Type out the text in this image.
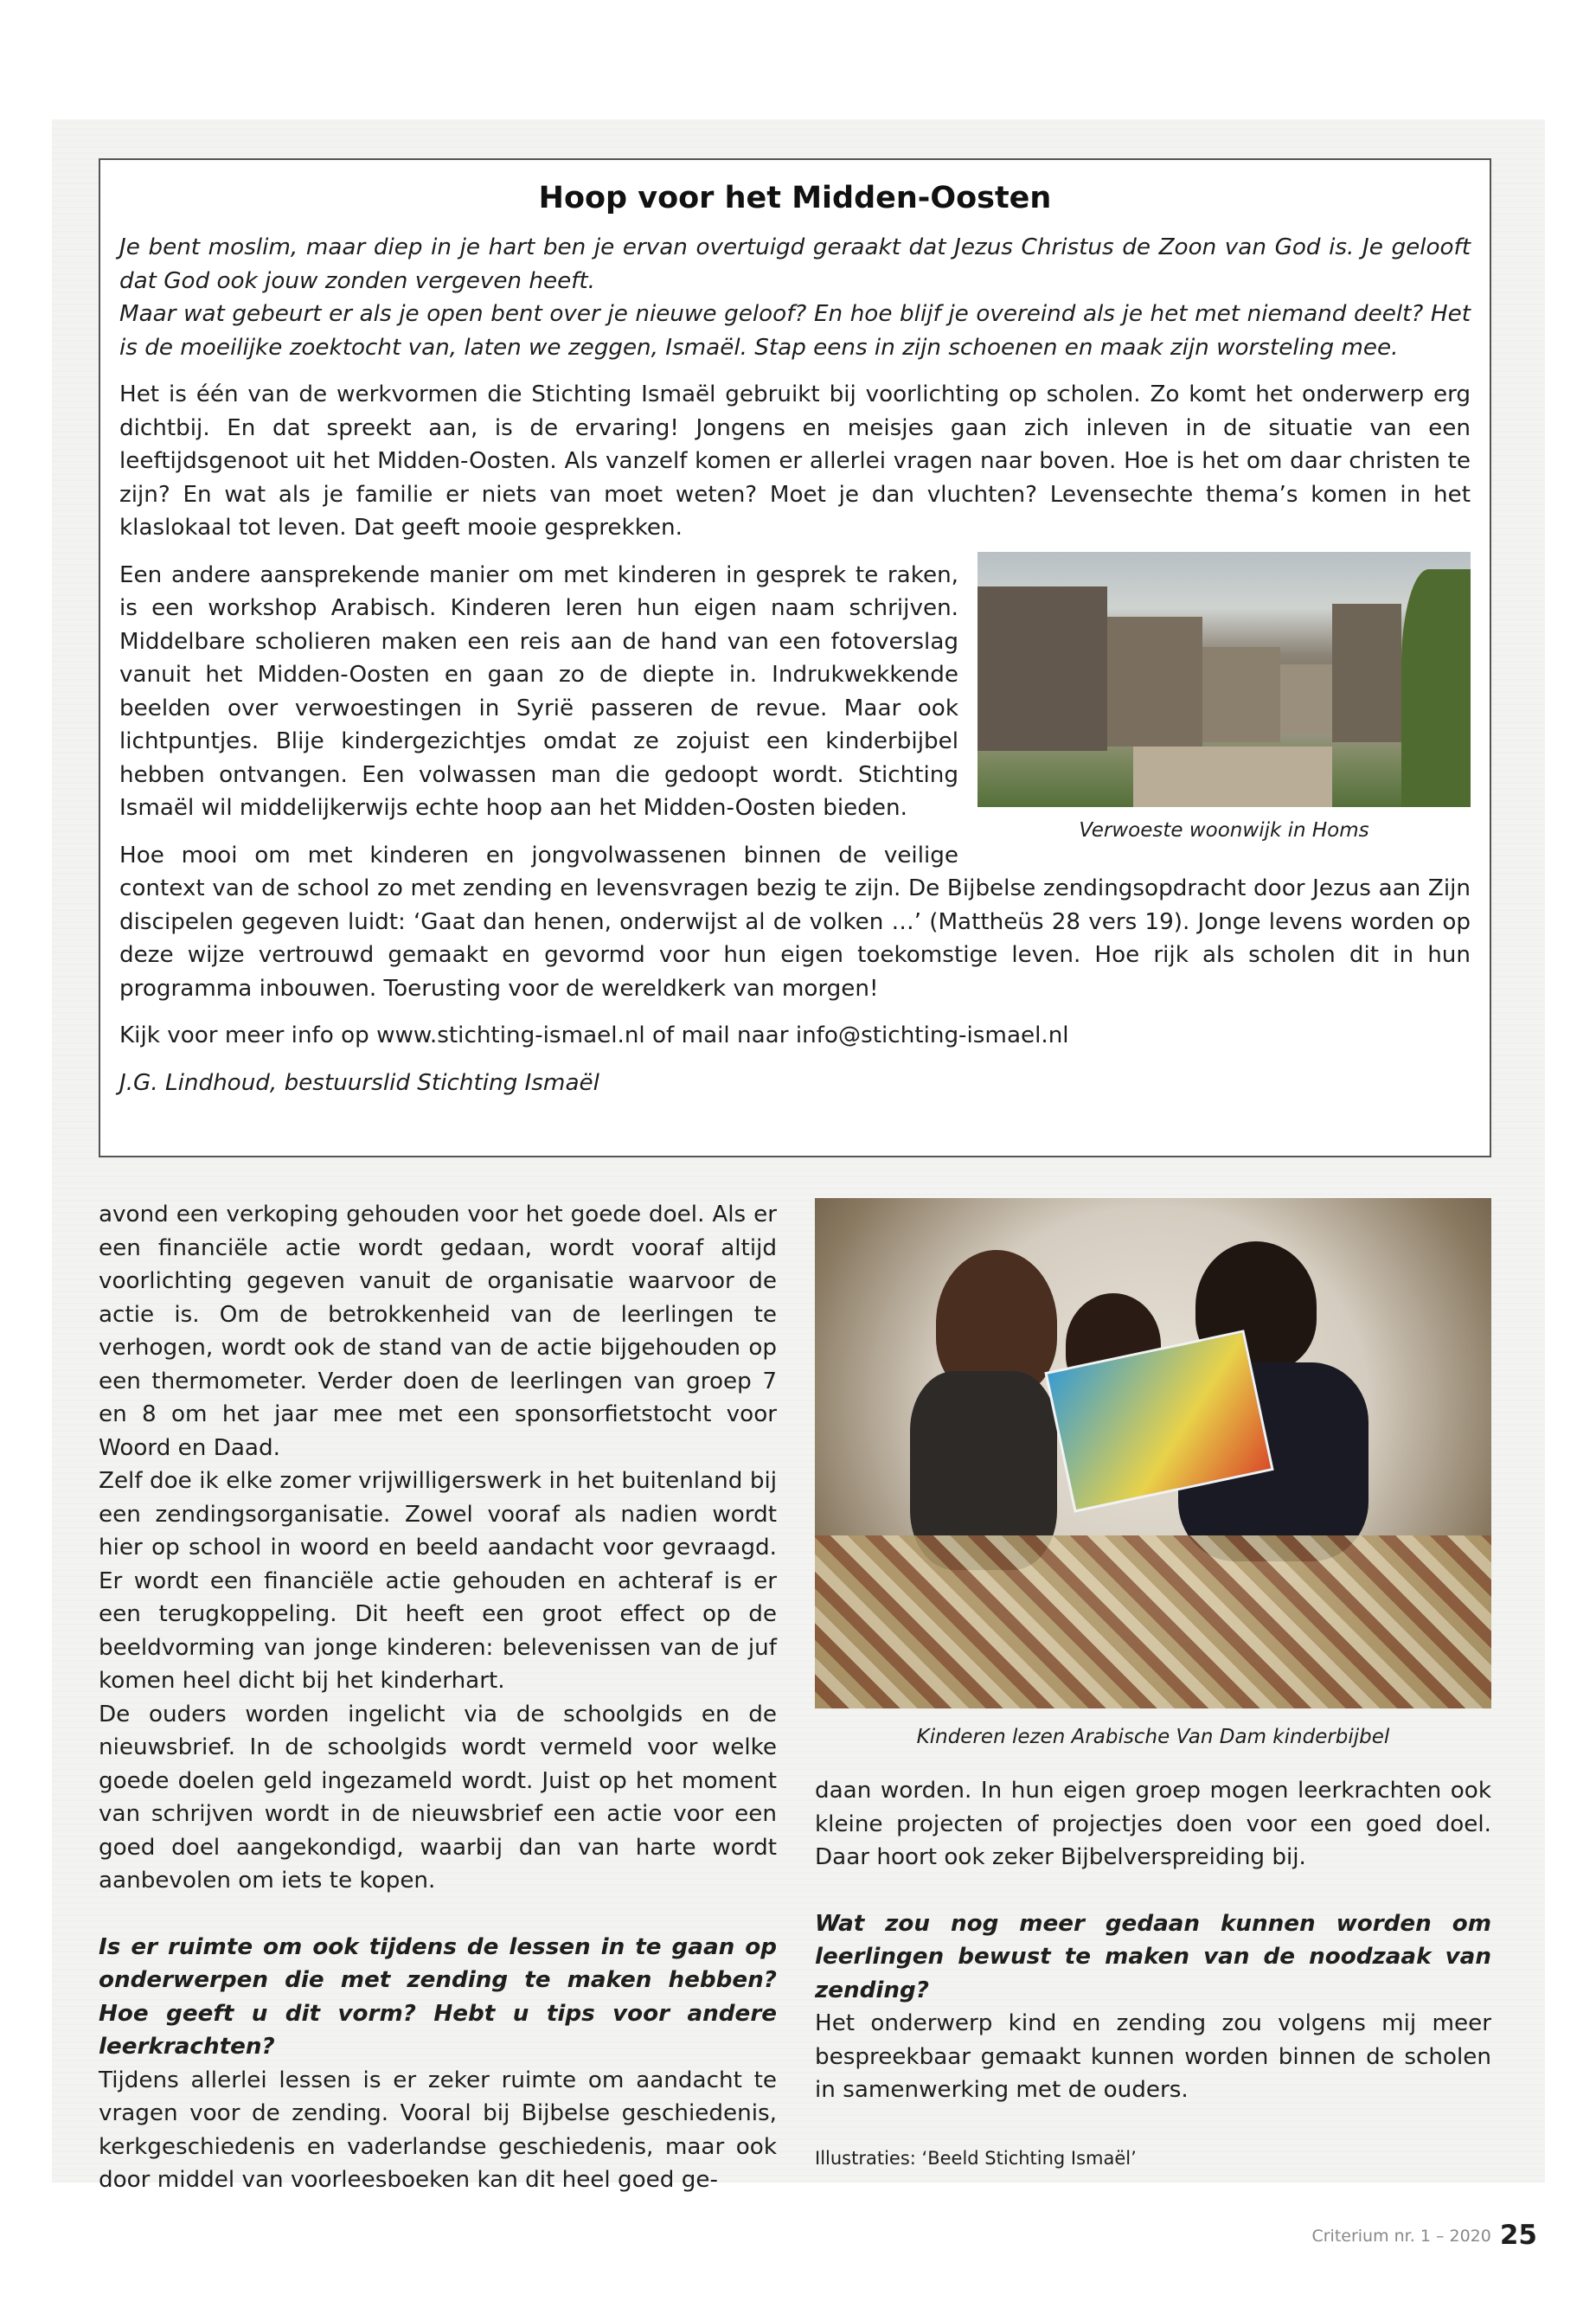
Hoop voor het Midden-Oosten

Je bent moslim, maar diep in je hart ben je ervan overtuigd geraakt dat Jezus Christus de Zoon van God is. Je gelooft dat God ook jouw zonden vergeven heeft.

Maar wat gebeurt er als je open bent over je nieuwe geloof? En hoe blijf je overeind als je het met niemand deelt? Het is de moeilijke zoektocht van, laten we zeggen, Ismaël. Stap eens in zijn schoenen en maak zijn worsteling mee.

Het is één van de werkvormen die Stichting Ismaël gebruikt bij voorlichting op scholen. Zo komt het onderwerp erg dichtbij. En dat spreekt aan, is de ervaring! Jongens en meisjes gaan zich inleven in de situatie van een leeftijdsgenoot uit het Midden-Oosten. Als vanzelf komen er allerlei vragen naar boven. Hoe is het om daar christen te zijn? En wat als je familie er niets van moet weten? Moet je dan vluchten? Levensechte thema’s komen in het klaslokaal tot leven. Dat geeft mooie gesprekken.

Verwoeste woonwijk in Homs

Een andere aansprekende manier om met kinderen in gesprek te raken, is een workshop Arabisch. Kinderen leren hun eigen naam schrijven. Middelbare scholieren maken een reis aan de hand van een fotoverslag vanuit het Midden-Oosten en gaan zo de diepte in. Indrukwekkende beelden over verwoestingen in Syrië passeren de revue. Maar ook lichtpuntjes. Blije kindergezichtjes omdat ze zojuist een kinderbijbel hebben ontvangen. Een volwassen man die gedoopt wordt. Stichting Ismaël wil middelijkerwijs echte hoop aan het Midden-Oosten bieden.

Hoe mooi om met kinderen en jongvolwassenen binnen de veilige context van de school zo met zending en levensvragen bezig te zijn. De Bijbelse zendingsopdracht door Jezus aan Zijn discipelen gegeven luidt: ‘Gaat dan henen, onderwijst al de volken …’ (Mattheüs 28 vers 19). Jonge levens worden op deze wijze vertrouwd gemaakt en gevormd voor hun eigen toekomstige leven. Hoe rijk als scholen dit in hun programma inbouwen. Toerusting voor de wereldkerk van morgen!

Kijk voor meer info op www.stichting-ismael.nl of mail naar info@stichting-ismael.nl

J.G. Lindhoud, bestuurslid Stichting Ismaël

avond een verkoping gehouden voor het goede doel. Als er een financiële actie wordt gedaan, wordt vooraf altijd voorlichting gegeven vanuit de organisatie waarvoor de actie is. Om de betrokkenheid van de leerlingen te verhogen, wordt ook de stand van de actie bijgehouden op een thermometer. Verder doen de leerlingen van groep 7 en 8 om het jaar mee met een sponsorfietstocht voor Woord en Daad.

Zelf doe ik elke zomer vrijwilligerswerk in het buitenland bij een zendingsorganisatie. Zowel vooraf als nadien wordt hier op school in woord en beeld aandacht voor gevraagd. Er wordt een financiële actie gehouden en achteraf is er een terugkoppeling. Dit heeft een groot effect op de beeldvorming van jonge kinderen: belevenissen van de juf komen heel dicht bij het kinderhart.

De ouders worden ingelicht via de schoolgids en de nieuwsbrief. In de schoolgids wordt vermeld voor welke goede doelen geld ingezameld wordt. Juist op het moment van schrijven wordt in de nieuwsbrief een actie voor een goed doel aangekondigd, waarbij dan van harte wordt aanbevolen om iets te kopen.

Is er ruimte om ook tijdens de lessen in te gaan op onderwerpen die met zending te maken hebben? Hoe geeft u dit vorm? Hebt u tips voor andere leerkrachten?

Tijdens allerlei lessen is er zeker ruimte om aandacht te vragen voor de zending. Vooral bij Bijbelse geschiedenis, kerkgeschiedenis en vaderlandse geschiedenis, maar ook door middel van voorleesboeken kan dit heel goed ge-

Kinderen lezen Arabische Van Dam kinderbijbel

daan worden. In hun eigen groep mogen leerkrachten ook kleine projecten of projectjes doen voor een goed doel. Daar hoort ook zeker Bijbelverspreiding bij.

Wat zou nog meer gedaan kunnen worden om leerlingen bewust te maken van de noodzaak van zending?

Het onderwerp kind en zending zou volgens mij meer bespreekbaar gemaakt kunnen worden binnen de scholen in samenwerking met de ouders.

Illustraties: ‘Beeld Stichting Ismaël’

Criterium nr. 1 – 2020 25
